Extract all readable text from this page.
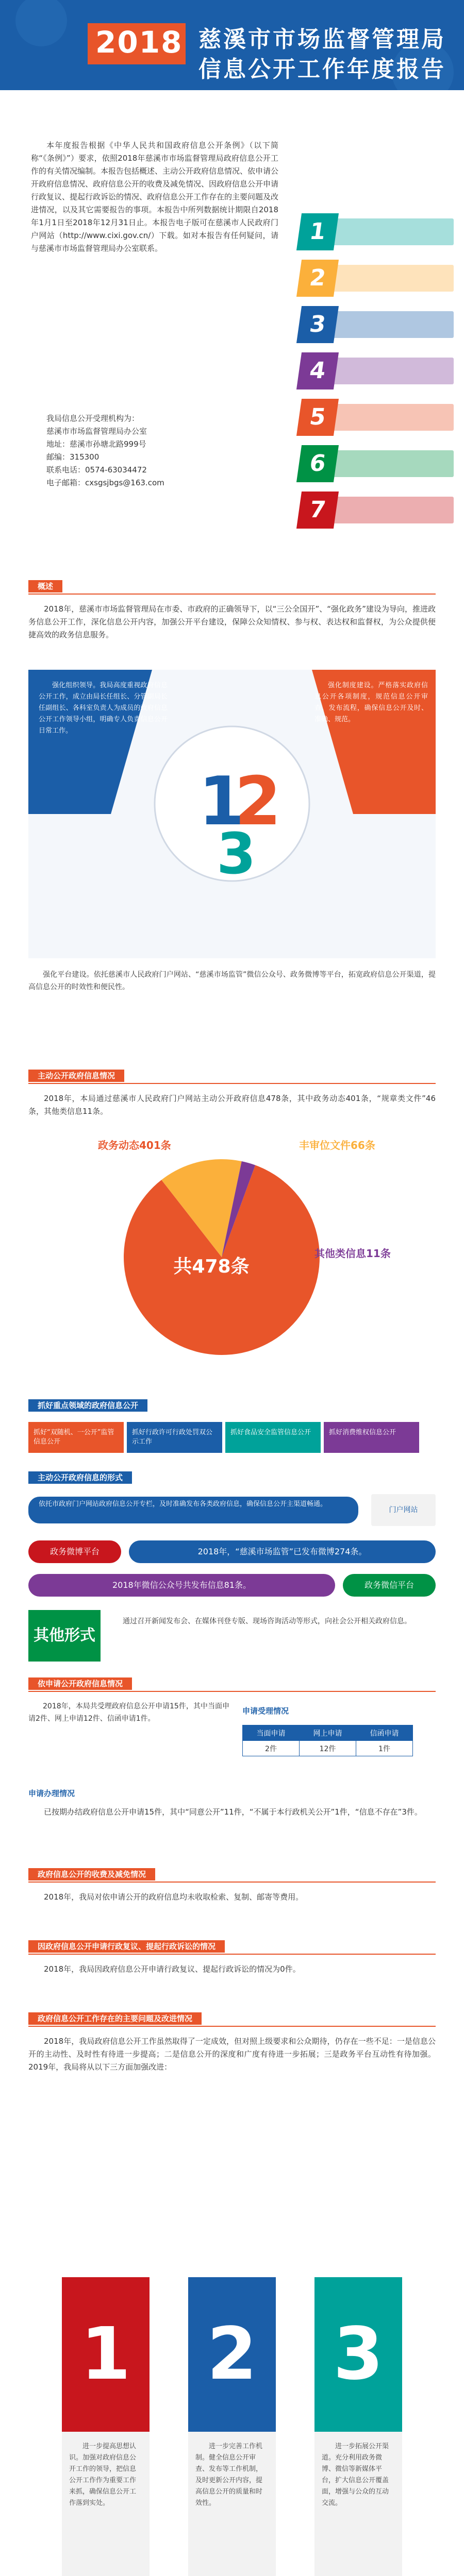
2018 慈溪市市场监督管理局
信息公开工作年度报告

本年度报告根据《中华人民共和国政府信息公开条例》（以下简称“《条例》”）要求，依照2018年慈溪市市场监督管理局政府信息公开工作的有关情况编制。本报告包括概述、主动公开政府信息情况、依申请公开政府信息情况、政府信息公开的收费及减免情况、因政府信息公开申请行政复议、提起行政诉讼的情况、政府信息公开工作存在的主要问题及改进情况，以及其它需要报告的事项。本报告中所列数据统计期限自2018年1月1日至2018年12月31日止。本报告电子版可在慈溪市人民政府门户网站（http://www.cixi.gov.cn/）下载。如对本报告有任何疑问，请与慈溪市市场监督管理局办公室联系。

我局信息公开受理机构为：

慈溪市市场监督管理局办公室

地址：慈溪市孙塘北路999号

邮编：315300

联系电话：0574-63034472

电子邮箱：cxsgsjbgs@163.com

1
2
3
4
5
6
7
概述

2018年，慈溪市市场监督管理局在市委、市政府的正确领导下，以“三公全国开”、“强化政务”建设为导向，推进政务信息公开工作，深化信息公开内容，加强公开平台建设，保障公众知情权、参与权、表达权和监督权，为公众提供便捷高效的政务信息服务。

1
2
3

强化组织领导。我局高度重视政府信息公开工作，成立由局长任组长、分管副局长任副组长、各科室负责人为成员的政府信息公开工作领导小组，明确专人负责信息公开日常工作。

强化制度建设。严格落实政府信息公开各项制度，规范信息公开审查、发布流程，确保信息公开及时、准确、规范。

强化平台建设。依托慈溪市人民政府门户网站、“慈溪市场监管”微信公众号、政务微博等平台，拓宽政府信息公开渠道，提高信息公开的时效性和便民性。

主动公开政府信息情况

2018年，本局通过慈溪市人民政府门户网站主动公开政府信息478条，其中政务动态401条，“规章类文件”46条，其他类信息11条。

政务动态401条	丰审位文件66条
其他类信息11条
共478条
抓好重点领域的政府信息公开
抓好“双随机、一公开”监管信息公开抓好行政许可行政处罚双公示工作抓好食品安全监管信息公开	抓好消费维权信息公开
主动公开政府信息的形式
依托市政府门户网站政府信息公开专栏，及时准确发布各类政府信息，确保信息公开主渠道畅通。
门户网站
政务微博平台	2018年，“慈溪市场监管”已发布微博274条。
2018年微信公众号共发布信息81条。	政务微信平台
其他形式
通过召开新闻发布会、在媒体刊登专版、现场咨询活动等形式，向社会公开相关政府信息。
依申请公开政府信息情况

2018年，本局共受理政府信息公开申请15件，其中当面申请2件、网上申请12件、信函申请1件。

申请受理情况
当面申请	网上申请	信函申请
2件	12件	1件
申请办理情况

已按期办结政府信息公开申请15件，其中“同意公开”11件，“不属于本行政机关公开”1件，“信息不存在”3件。

政府信息公开的收费及减免情况

2018年，我局对依申请公开的政府信息均未收取检索、复制、邮寄等费用。

因政府信息公开申请行政复议、提起行政诉讼的情况

2018年，我局因政府信息公开申请行政复议、提起行政诉讼的情况为0件。

政府信息公开工作存在的主要问题及改进情况

2018年，我局政府信息公开工作虽然取得了一定成效，但对照上级要求和公众期待，仍存在一些不足：一是信息公开的主动性、及时性有待进一步提高；二是信息公开的深度和广度有待进一步拓展；三是政务平台互动性有待加强。2019年，我局将从以下三方面加强改进：

1
进一步提高思想认识。加强对政府信息公开工作的领导，把信息公开工作作为重要工作来抓，确保信息公开工作落到实处。
2
进一步完善工作机制。健全信息公开审查、发布等工作机制，及时更新公开内容，提高信息公开的质量和时效性。
3
进一步拓展公开渠道。充分利用政务微博、微信等新媒体平台，扩大信息公开覆盖面，增强与公众的互动交流。
